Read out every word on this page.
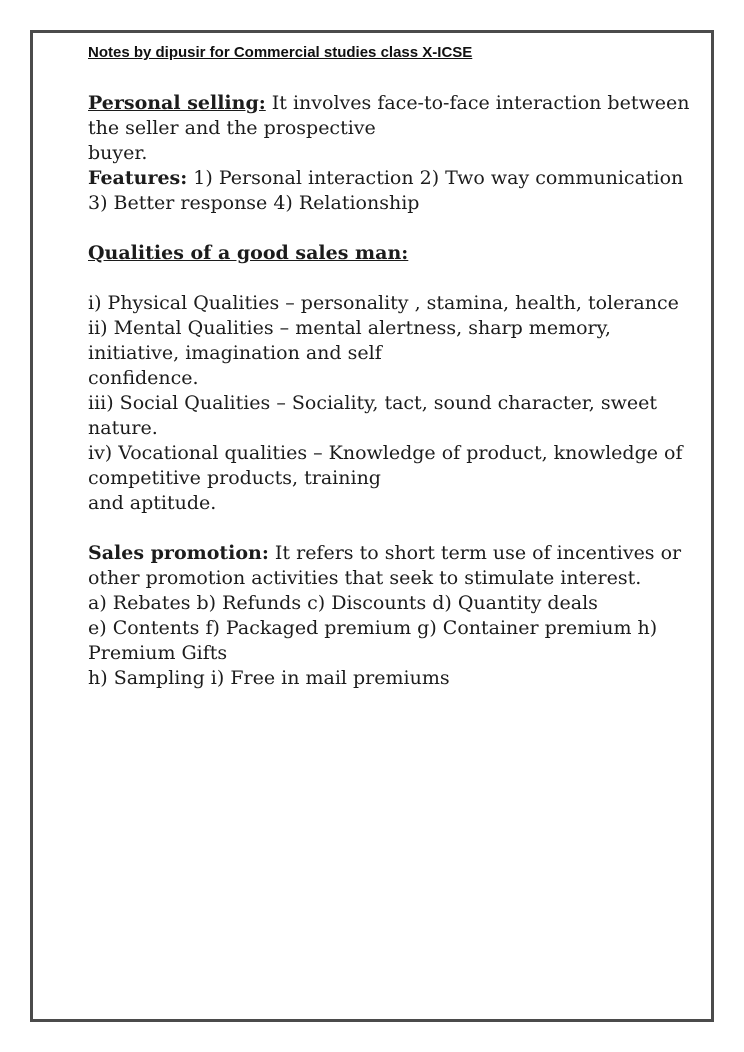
Notes by dipusir for Commercial studies class X-ICSE

Personal selling: It involves face-to-face interaction between
the seller and the prospective
buyer.
Features: 1) Personal interaction 2) Two way communication
3) Better response 4) Relationship

Qualities of a good sales man:

i) Physical Qualities – personality , stamina, health, tolerance
ii) Mental Qualities – mental alertness, sharp memory,
initiative, imagination and self
confidence.
iii) Social Qualities – Sociality, tact, sound character, sweet
nature.
iv) Vocational qualities – Knowledge of product, knowledge of
competitive products, training
and aptitude.

Sales promotion: It refers to short term use of incentives or
other promotion activities that seek to stimulate interest.
a) Rebates b) Refunds c) Discounts d) Quantity deals
e) Contents f) Packaged premium g) Container premium h)
Premium Gifts
h) Sampling i) Free in mail premiums
